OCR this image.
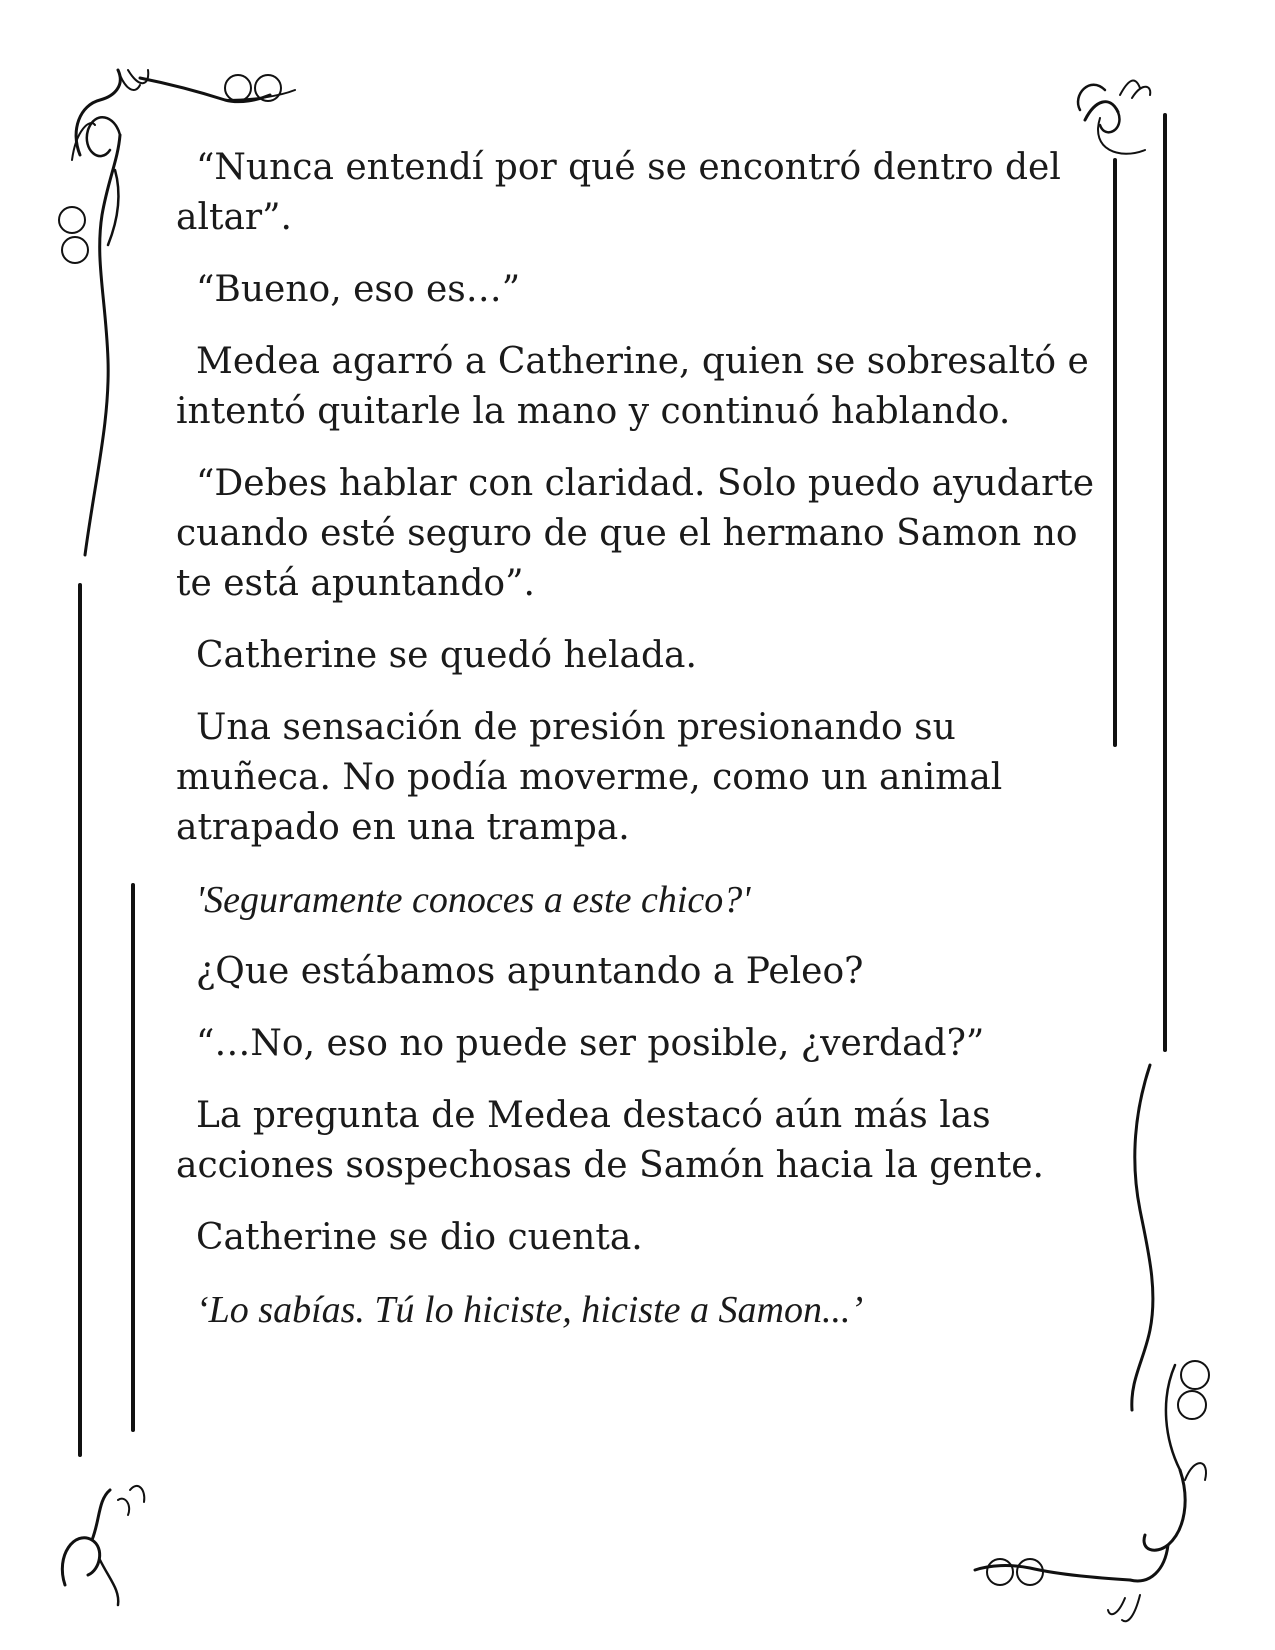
“Nunca entendí por qué se encontró dentro del altar”.

“Bueno, eso es…”

Medea agarró a Catherine, quien se sobresaltó e intentó quitarle la mano y continuó hablando.

“Debes hablar con claridad. Solo puedo ayudarte cuando esté seguro de que el hermano Samon no te está apuntando”.

Catherine se quedó helada.

Una sensación de presión presionando su muñeca. No podía moverme, como un animal atrapado en una trampa.

'Seguramente conoces a este chico?'

¿Que estábamos apuntando a Peleo?

“…No, eso no puede ser posible, ¿verdad?”

La pregunta de Medea destacó aún más las acciones sospechosas de Samón hacia la gente.

Catherine se dio cuenta.

‘Lo sabías. Tú lo hiciste, hiciste a Samon...’
